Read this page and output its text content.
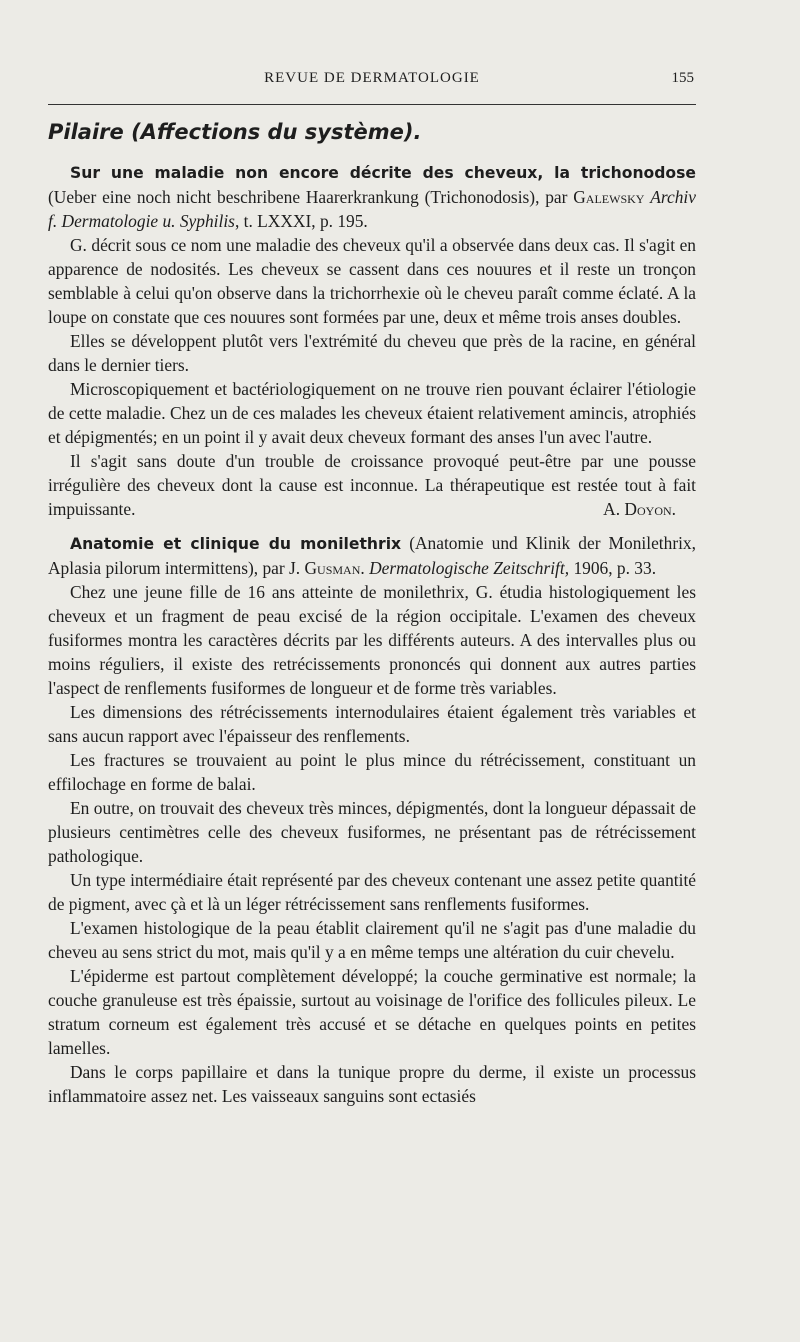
REVUE DE DERMATOLOGIE	155
Pilaire (Affections du système).

Sur une maladie non encore décrite des cheveux, la trichonodose (Ueber eine noch nicht beschribene Haarerkrankung (Trichonodosis), par Galewsky Archiv f. Dermatologie u. Syphilis, t. LXXXI, p. 195.

G. décrit sous ce nom une maladie des cheveux qu'il a observée dans deux cas. Il s'agit en apparence de nodosités. Les cheveux se cassent dans ces nouures et il reste un tronçon semblable à celui qu'on observe dans la trichorrhexie où le cheveu paraît comme éclaté. A la loupe on constate que ces nouures sont formées par une, deux et même trois anses doubles.

Elles se développent plutôt vers l'extrémité du cheveu que près de la racine, en général dans le dernier tiers.

Microscopiquement et bactériologiquement on ne trouve rien pouvant éclairer l'étiologie de cette maladie. Chez un de ces malades les cheveux étaient relativement amincis, atrophiés et dépigmentés; en un point il y avait deux cheveux formant des anses l'un avec l'autre.

Il s'agit sans doute d'un trouble de croissance provoqué peut-être par une pousse irrégulière des cheveux dont la cause est inconnue. La thérapeutique est restée tout à fait impuissante.	A. Doyon.

Anatomie et clinique du monilethrix (Anatomie und Klinik der Monilethrix, Aplasia pilorum intermittens), par J. Gusman. Dermatologische Zeitschrift, 1906, p. 33.

Chez une jeune fille de 16 ans atteinte de monilethrix, G. étudia histologiquement les cheveux et un fragment de peau excisé de la région occipitale. L'examen des cheveux fusiformes montra les caractères décrits par les différents auteurs. A des intervalles plus ou moins réguliers, il existe des retrécissements prononcés qui donnent aux autres parties l'aspect de renflements fusiformes de longueur et de forme très variables.

Les dimensions des rétrécissements internodulaires étaient également très variables et sans aucun rapport avec l'épaisseur des renflements.

Les fractures se trouvaient au point le plus mince du rétrécissement, constituant un effilochage en forme de balai.

En outre, on trouvait des cheveux très minces, dépigmentés, dont la longueur dépassait de plusieurs centimètres celle des cheveux fusiformes, ne présentant pas de rétrécissement pathologique.

Un type intermédiaire était représenté par des cheveux contenant une assez petite quantité de pigment, avec çà et là un léger rétrécissement sans renflements fusiformes.

L'examen histologique de la peau établit clairement qu'il ne s'agit pas d'une maladie du cheveu au sens strict du mot, mais qu'il y a en même temps une altération du cuir chevelu.

L'épiderme est partout complètement développé; la couche germinative est normale; la couche granuleuse est très épaissie, surtout au voisinage de l'orifice des follicules pileux. Le stratum corneum est également très accusé et se détache en quelques points en petites lamelles.

Dans le corps papillaire et dans la tunique propre du derme, il existe un processus inflammatoire assez net. Les vaisseaux sanguins sont ectasiés
